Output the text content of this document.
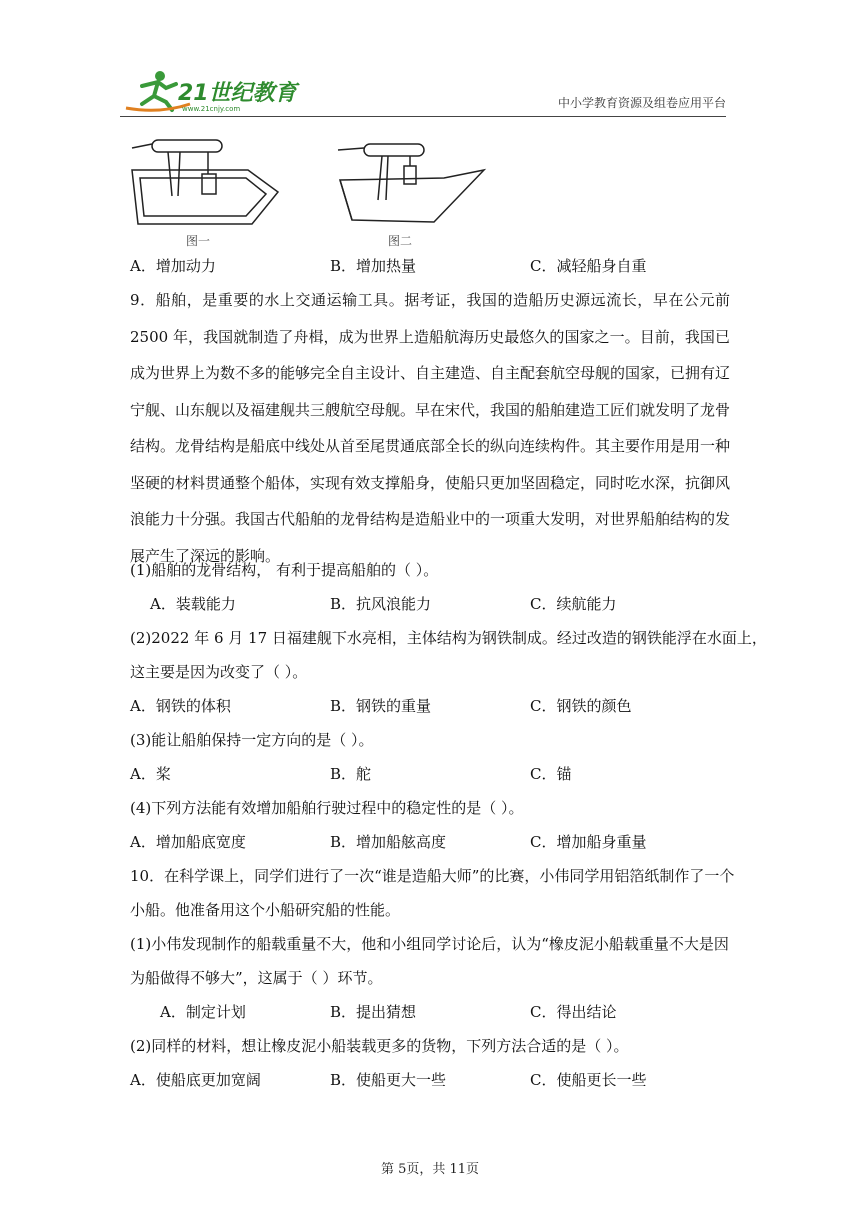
21世纪教育
www.21cnjy.com	中小学教育资源及组卷应用平台
图一	图二
A．增加动力	B．增加热量	C．减轻船身自重
9．船舶，是重要的水上交通运输工具。据考证，我国的造船历史源远流长，早在公元前 2500 年，我国就制造了舟楫，成为世界上造船航海历史最悠久的国家之一。目前，我国已成为世界上为数不多的能够完全自主设计、自主建造、自主配套航空母舰的国家，已拥有辽宁舰、山东舰以及福建舰共三艘航空母舰。早在宋代，我国的船舶建造工匠们就发明了龙骨结构。龙骨结构是船底中线处从首至尾贯通底部全长的纵向连续构件。其主要作用是用一种坚硬的材料贯通整个船体，实现有效支撑船身，使船只更加坚固稳定，同时吃水深，抗御风浪能力十分强。我国古代船舶的龙骨结构是造船业中的一项重大发明，对世界船舶结构的发展产生了深远的影响。
(1)船舶的龙骨结构， 有利于提高船舶的（ ）。
A．装载能力	B．抗风浪能力	C．续航能力
(2)2022 年 6 月 17 日福建舰下水亮相，主体结构为钢铁制成。经过改造的钢铁能浮在水面上，
这主要是因为改变了（ ）。
A．钢铁的体积	B．钢铁的重量	C．钢铁的颜色
(3)能让船舶保持一定方向的是（ ）。
A．桨	B．舵	C．锚
(4)下列方法能有效增加船舶行驶过程中的稳定性的是（ ）。
A．增加船底宽度	B．增加船舷高度	C．增加船身重量
10．在科学课上，同学们进行了一次“谁是造船大师”的比赛，小伟同学用铝箔纸制作了一个
小船。他准备用这个小船研究船的性能。
(1)小伟发现制作的船载重量不大，他和小组同学讨论后，认为“橡皮泥小船载重量不大是因
为船做得不够大”，这属于（ ）环节。
A．制定计划	B．提出猜想	C．得出结论
(2)同样的材料，想让橡皮泥小船装载更多的货物，下列方法合适的是（ ）。
A．使船底更加宽阔	B．使船更大一些	C．使船更长一些
第 5页，共 11页
